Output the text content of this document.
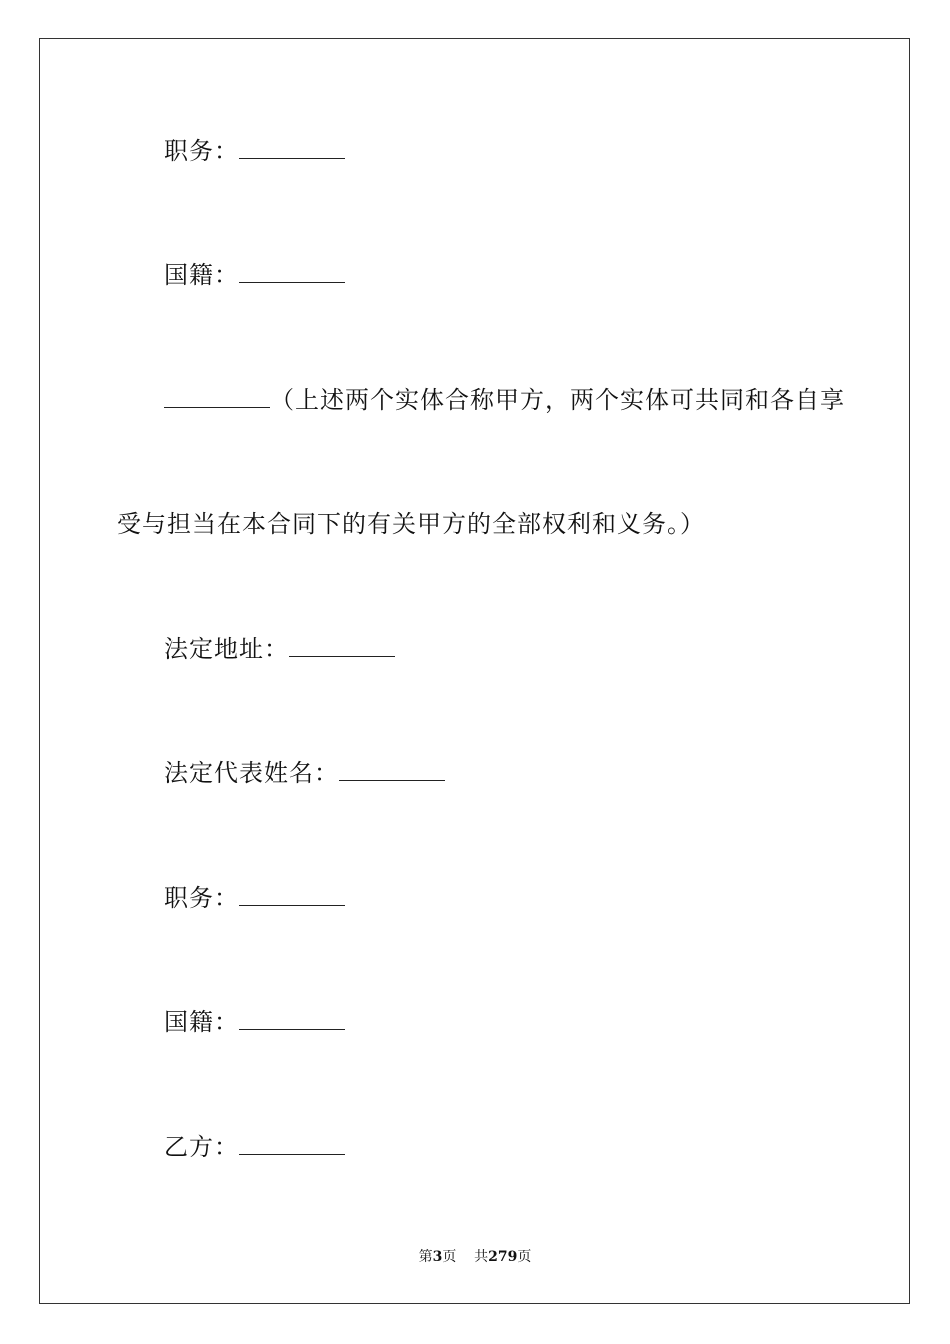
职务：
国籍：
（上述两个实体合称甲方，两个实体可共同和各自享
受与担当在本合同下的有关甲方的全部权利和义务。）
法定地址：
法定代表姓名：
职务：
国籍：
乙方：
第3页 共279页
